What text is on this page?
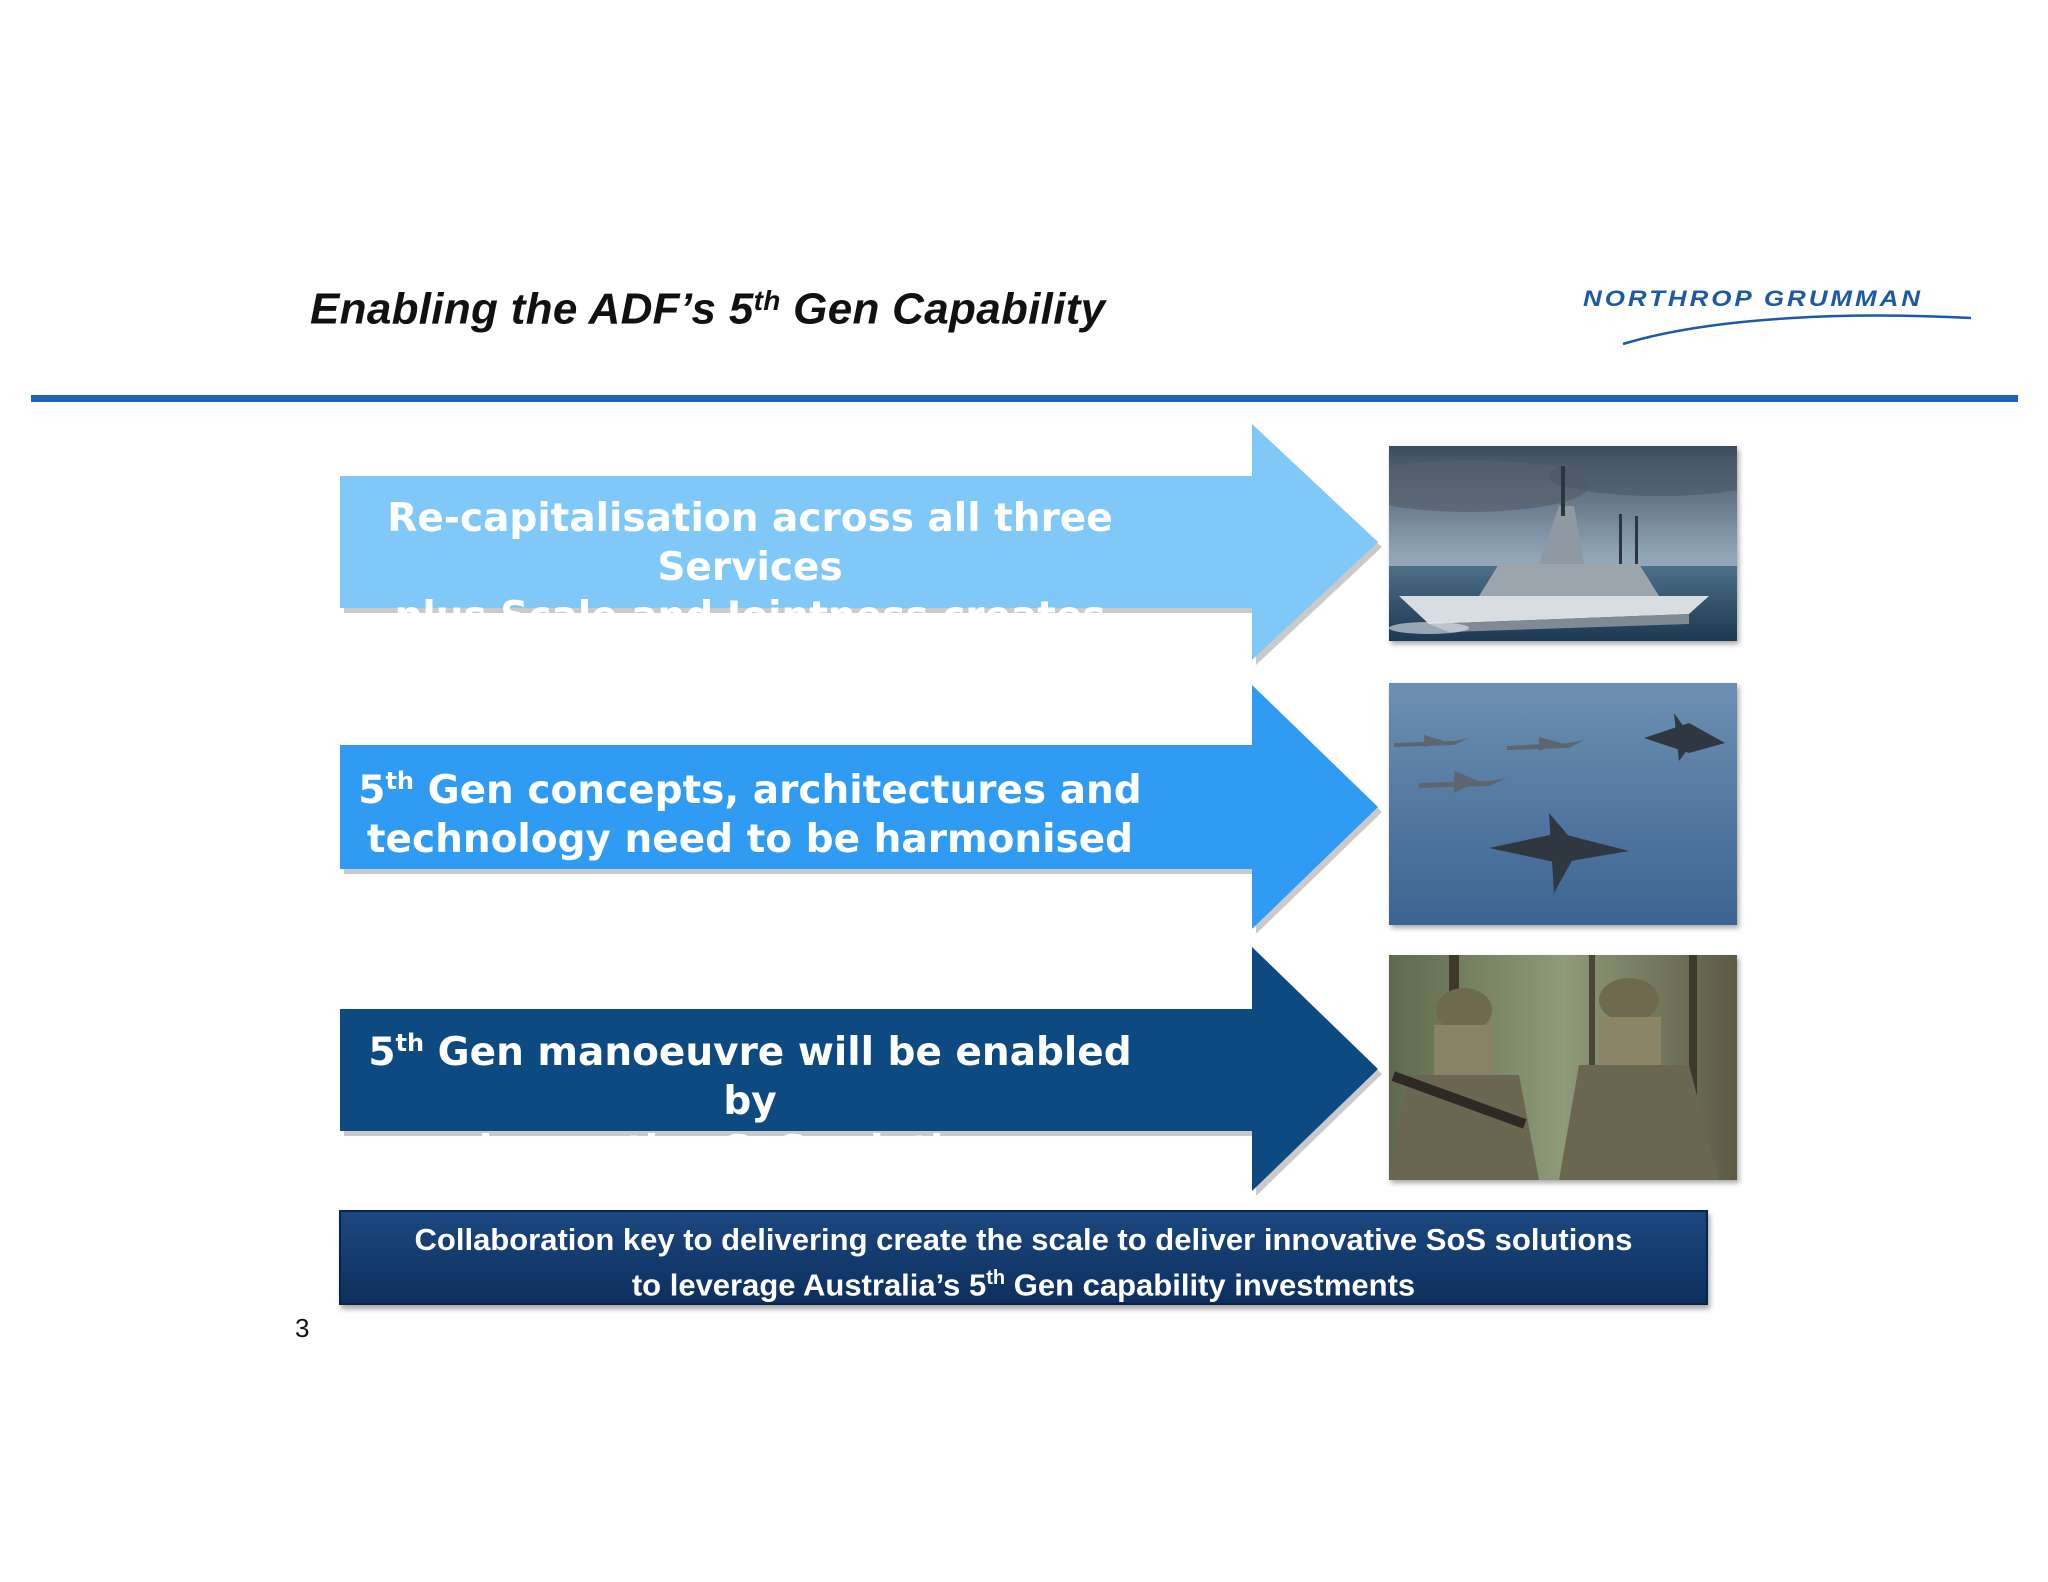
Enabling the ADF’s 5th Gen Capability	NORTHROP GRUMMAN
Re-capitalisation across all three Services
plus Scale and Jointness creates opportunity
5th Gen concepts, architectures and
technology need to be harmonised
5th Gen manoeuvre will be enabled by
innovative SoS solutions
Collaboration key to delivering create the scale to deliver innovative SoS solutions
to leverage Australia’s 5th Gen capability investments
3
